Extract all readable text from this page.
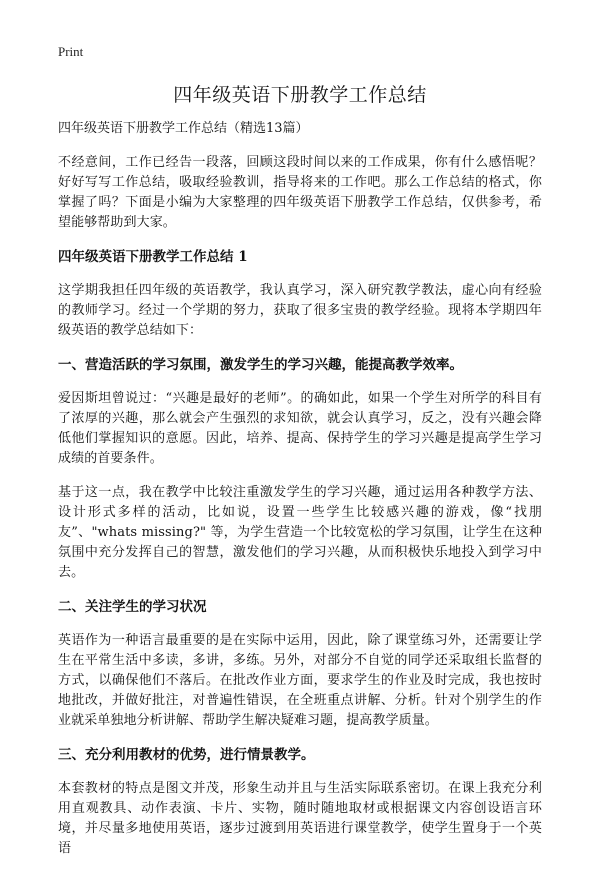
Print
四年级英语下册教学工作总结
四年级英语下册教学工作总结（精选13篇）

不经意间，工作已经告一段落，回顾这段时间以来的工作成果，你有什么感悟呢？好好写写工作总结，吸取经验教训，指导将来的工作吧。那么工作总结的格式，你掌握了吗？下面是小编为大家整理的四年级英语下册教学工作总结，仅供参考，希望能够帮助到大家。

四年级英语下册教学工作总结 1

这学期我担任四年级的英语教学，我认真学习，深入研究教学教法，虚心向有经验的教师学习。经过一个学期的努力，获取了很多宝贵的教学经验。现将本学期四年级英语的教学总结如下：

一、营造活跃的学习氛围，激发学生的学习兴趣，能提高教学效率。

爱因斯坦曾说过：“兴趣是最好的老师”。的确如此，如果一个学生对所学的科目有了浓厚的兴趣，那么就会产生强烈的求知欲，就会认真学习，反之，没有兴趣会降低他们掌握知识的意愿。因此，培养、提高、保持学生的学习兴趣是提高学生学习成绩的首要条件。

基于这一点，我在教学中比较注重激发学生的学习兴趣，通过运用各种教学方法、设计形式多样的活动，比如说，设置一些学生比较感兴趣的游戏，像“找朋友”、"whats missing?" 等，为学生营造一个比较宽松的学习氛围，让学生在这种氛围中充分发挥自己的智慧，激发他们的学习兴趣，从而积极快乐地投入到学习中去。

二、关注学生的学习状况

英语作为一种语言最重要的是在实际中运用，因此，除了课堂练习外，还需要让学生在平常生活中多读，多讲，多练。另外，对部分不自觉的同学还采取组长监督的方式，以确保他们不落后。在批改作业方面，要求学生的作业及时完成，我也按时地批改，并做好批注，对普遍性错误，在全班重点讲解、分析。针对个别学生的作业就采单独地分析讲解、帮助学生解决疑难习题，提高教学质量。

三、充分利用教材的优势，进行情景教学。

本套教材的特点是图文并茂，形象生动并且与生活实际联系密切。在课上我充分利用直观教具、动作表演、卡片、实物，随时随地取材或根据课文内容创设语言环境，并尽量多地使用英语，逐步过渡到用英语进行课堂教学，使学生置身于一个英语
